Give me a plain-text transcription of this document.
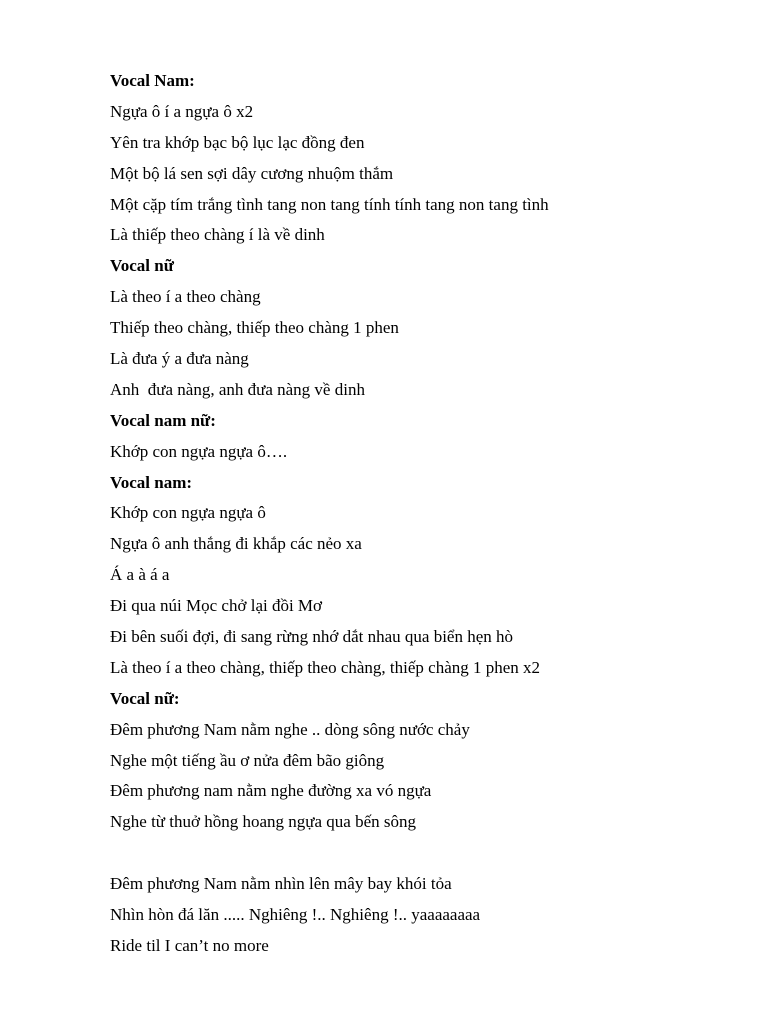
Vocal Nam:
Ngựa ô í a ngựa ô x2
Yên tra khớp bạc bộ lục lạc đồng đen
Một bộ lá sen sợi dây cương nhuộm thắm
Một cặp tím trắng tình tang non tang tính tính tang non tang tình
Là thiếp theo chàng í là về dinh
Vocal nữ
Là theo í a theo chàng
Thiếp theo chàng, thiếp theo chàng 1 phen
Là đưa ý a đưa nàng
Anh  đưa nàng, anh đưa nàng về dinh
Vocal nam nữ:
Khớp con ngựa ngựa ô….
Vocal nam:
Khớp con ngựa ngựa ô
Ngựa ô anh thắng đi khắp các nẻo xa
Á a à á a
Đi qua núi Mọc chở lại đồi Mơ
Đi bên suối đợi, đi sang rừng nhớ dắt nhau qua biển hẹn hò
Là theo í a theo chàng, thiếp theo chàng, thiếp chàng 1 phen x2
Vocal nữ:
Đêm phương Nam nằm nghe .. dòng sông nước chảy
Nghe một tiếng ầu ơ nửa đêm bão giông
Đêm phương nam nằm nghe đường xa vó ngựa
Nghe từ thuở hồng hoang ngựa qua bến sông
Đêm phương Nam nằm nhìn lên mây bay khói tỏa
Nhìn hòn đá lăn ..... Nghiêng !.. Nghiêng !.. yaaaaaaaa
Ride til I can’t no more
